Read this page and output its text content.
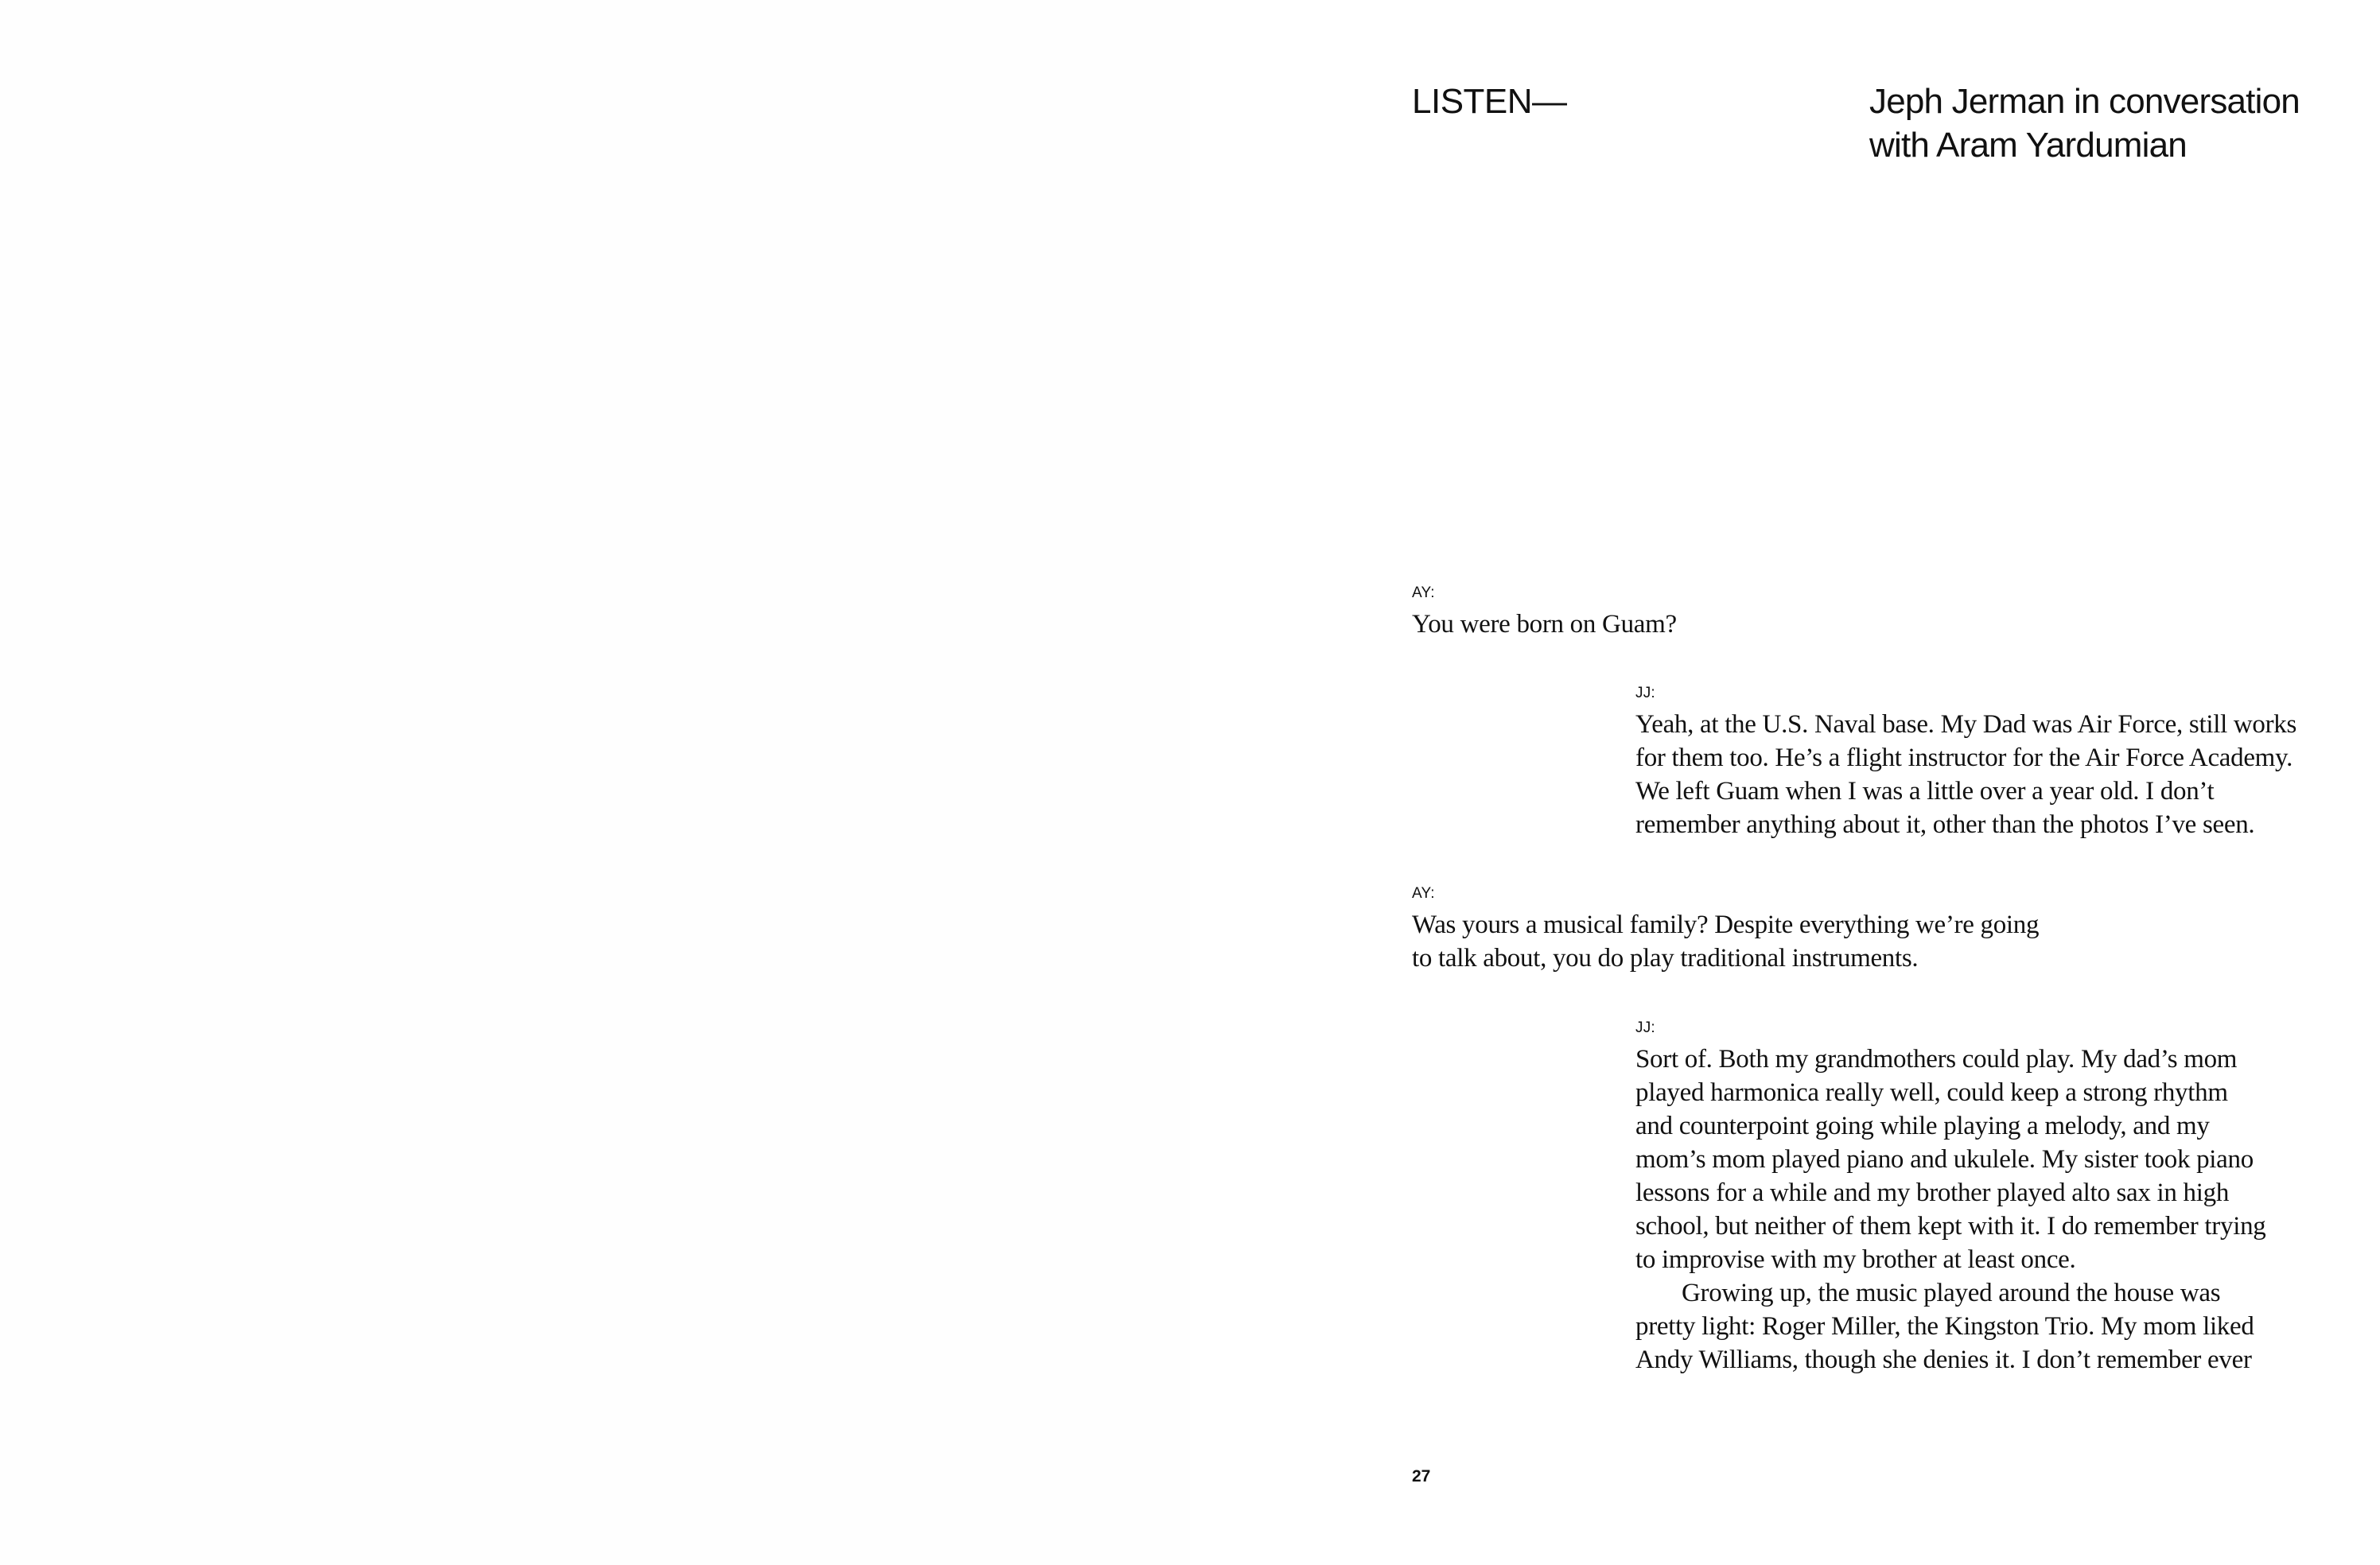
LISTEN—	Jeph Jerman in conversation
with Aram Yardumian
AY:
You were born on Guam?
JJ:
Yeah, at the U.S. Naval base. My Dad was Air Force, still works
for them too. He’s a flight instructor for the Air Force Academy.
We left Guam when I was a little over a year old. I don’t
remember anything about it, other than the photos I’ve seen.
AY:
Was yours a musical family? Despite everything we’re going
to talk about, you do play traditional instruments.
JJ:
Sort of. Both my grandmothers could play. My dad’s mom
played harmonica really well, could keep a strong rhythm
and counterpoint going while playing a melody, and my
mom’s mom played piano and ukulele. My sister took piano
lessons for a while and my brother played alto sax in high
school, but neither of them kept with it. I do remember trying
to improvise with my brother at least once.
Growing up, the music played around the house was
pretty light: Roger Miller, the Kingston Trio. My mom liked
Andy Williams, though she denies it. I don’t remember ever
27
